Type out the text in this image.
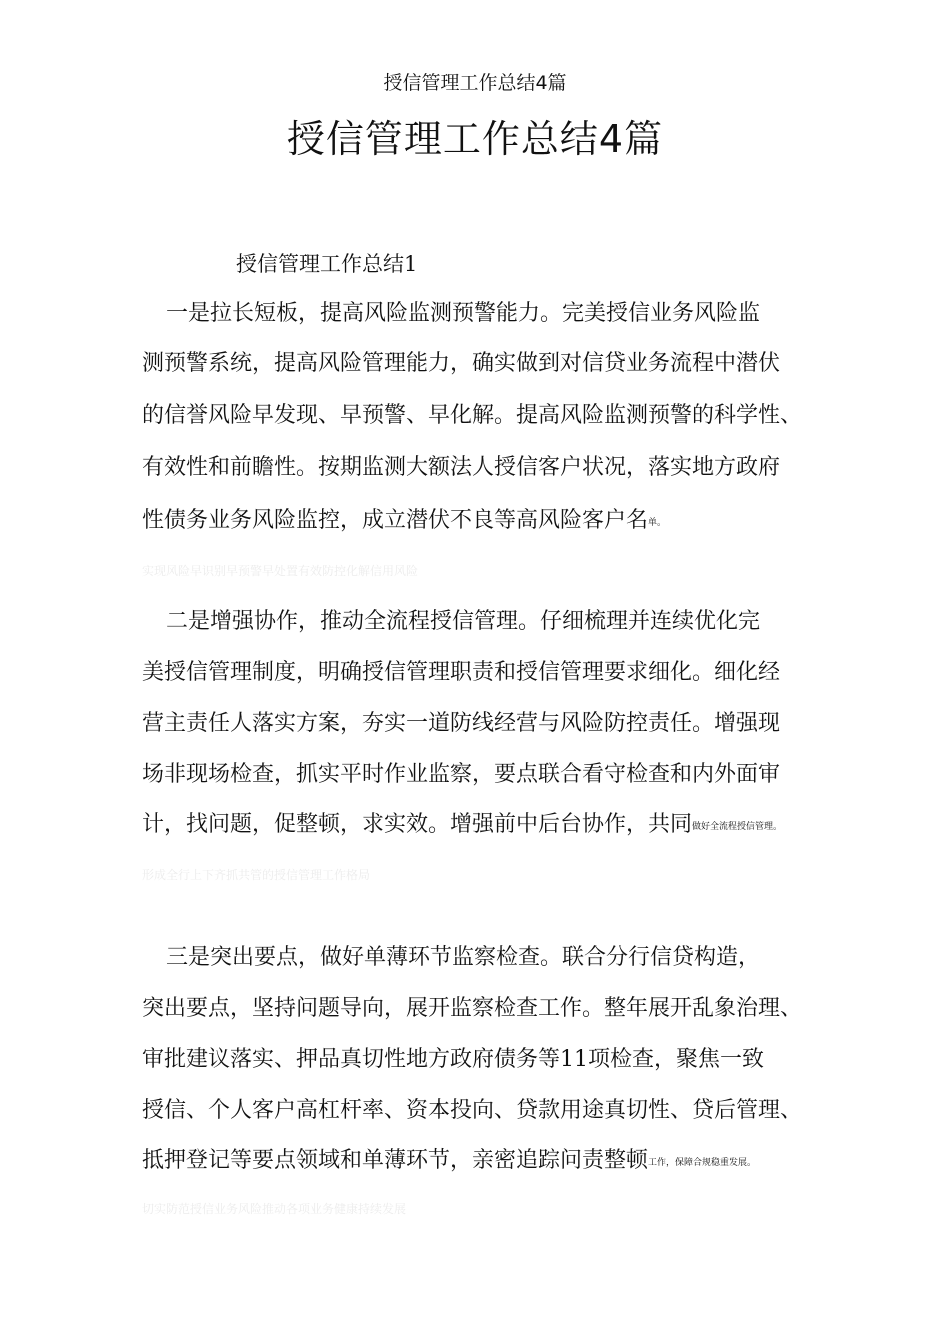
授信管理工作总结4篇
授信管理工作总结4篇
授信管理工作总结1
一是拉长短板，提高风险监测预警能力。完美授信业务风险监
测预警系统，提高风险管理能力，确实做到对信贷业务流程中潜伏
的信誉风险早发现、早预警、早化解。提高风险监测预警的科学性、
有效性和前瞻性。按期监测大额法人授信客户状况，落实地方政府
性债务业务风险监控，成立潜伏不良等高风险客户名单。
实现风险早识别早预警早处置有效防控化解信用风险
二是增强协作，推动全流程授信管理。仔细梳理并连续优化完
美授信管理制度，明确授信管理职责和授信管理要求细化。细化经
营主责任人落实方案，夯实一道防线经营与风险防控责任。增强现
场非现场检查，抓实平时作业监察，要点联合看守检查和内外面审
计，找问题，促整顿，求实效。增强前中后台协作，共同做好全流程授信管理。
形成全行上下齐抓共管的授信管理工作格局
三是突出要点，做好单薄环节监察检查。联合分行信贷构造，
突出要点，坚持问题导向，展开监察检查工作。整年展开乱象治理、
审批建议落实、押品真切性地方政府债务等11项检查，聚焦一致
授信、个人客户高杠杆率、资本投向、贷款用途真切性、贷后管理、
抵押登记等要点领域和单薄环节，亲密追踪问责整顿工作，保障合规稳重发展。
切实防范授信业务风险推动各项业务健康持续发展
